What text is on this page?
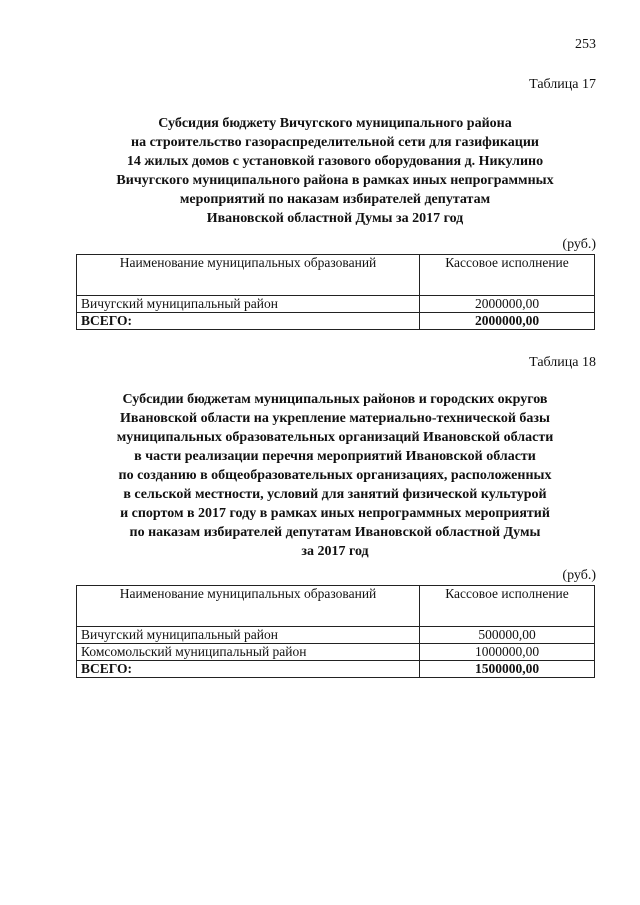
253
Таблица 17
Субсидия бюджету Вичугского муниципального района
на строительство газораспределительной сети для газификации
14 жилых домов с установкой газового оборудования д. Никулино
Вичугского муниципального района в рамках иных непрограммных
мероприятий по наказам избирателей депутатам
Ивановской областной Думы за 2017 год
(руб.)
Наименование муниципальных образований	Кассовое исполнение
Вичугский муниципальный район	2000000,00
ВСЕГО:	2000000,00
Таблица 18
Субсидии бюджетам муниципальных районов и городских округов
Ивановской области на укрепление материально-технической базы
муниципальных образовательных организаций Ивановской области
в части реализации перечня мероприятий Ивановской области
по созданию в общеобразовательных организациях, расположенных
в сельской местности, условий для занятий физической культурой
и спортом в 2017 году в рамках иных непрограммных мероприятий
по наказам избирателей депутатам Ивановской областной Думы
за 2017 год
(руб.)
Наименование муниципальных образований	Кассовое исполнение
Вичугский муниципальный район	500000,00
Комсомольский муниципальный район	1000000,00
ВСЕГО:	1500000,00
